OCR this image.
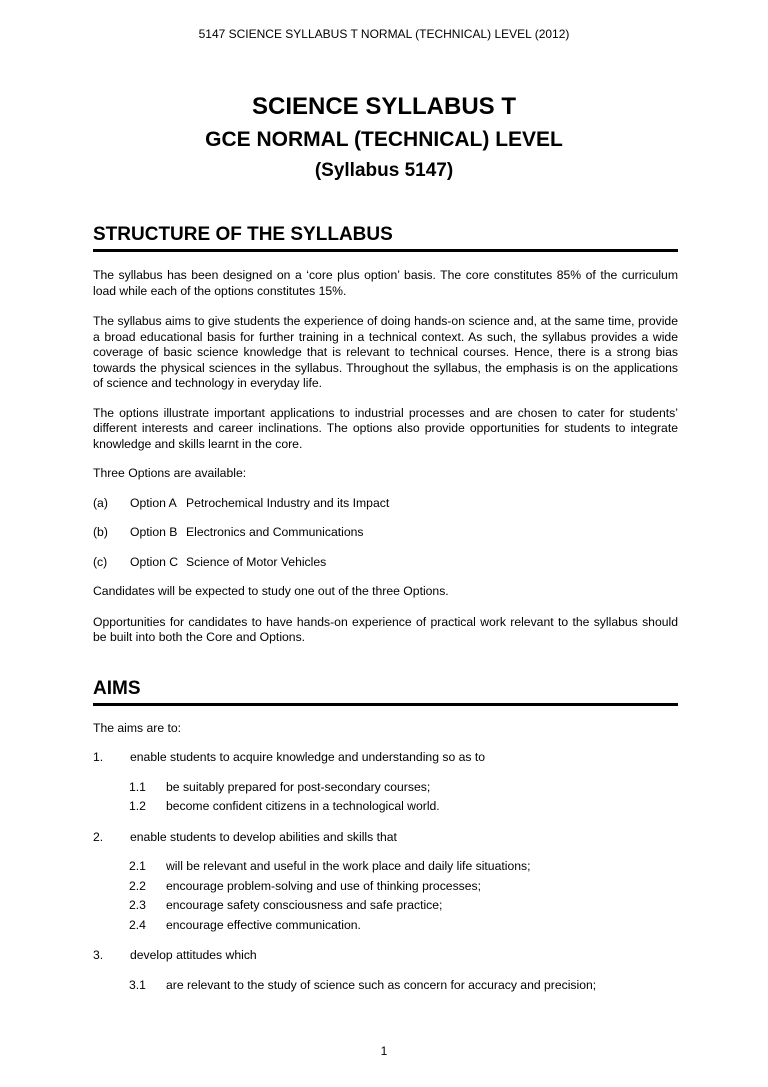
5147 SCIENCE SYLLABUS T NORMAL (TECHNICAL) LEVEL (2012)
SCIENCE SYLLABUS T
GCE NORMAL (TECHNICAL) LEVEL
(Syllabus 5147)
STRUCTURE OF THE SYLLABUS

The syllabus has been designed on a ‘core plus option’ basis. The core constitutes 85% of the curriculum load while each of the options constitutes 15%.

The syllabus aims to give students the experience of doing hands-on science and, at the same time, provide a broad educational basis for further training in a technical context. As such, the syllabus provides a wide coverage of basic science knowledge that is relevant to technical courses. Hence, there is a strong bias towards the physical sciences in the syllabus. Throughout the syllabus, the emphasis is on the applications of science and technology in everyday life.

The options illustrate important applications to industrial processes and are chosen to cater for students’ different interests and career inclinations. The options also provide opportunities for students to integrate knowledge and skills learnt in the core.

Three Options are available:

(a)	Option A Petrochemical Industry and its Impact
(b)	Option B Electronics and Communications
(c)	Option C Science of Motor Vehicles

Candidates will be expected to study one out of the three Options.

Opportunities for candidates to have hands-on experience of practical work relevant to the syllabus should be built into both the Core and Options.

AIMS

The aims are to:

1.	enable students to acquire knowledge and understanding so as to
1.1	be suitably prepared for post-secondary courses;
1.2	become confident citizens in a technological world.
2.	enable students to develop abilities and skills that
2.1	will be relevant and useful in the work place and daily life situations;
2.2	encourage problem-solving and use of thinking processes;
2.3	encourage safety consciousness and safe practice;
2.4	encourage effective communication.
3.	develop attitudes which
3.1	are relevant to the study of science such as concern for accuracy and precision;
1
